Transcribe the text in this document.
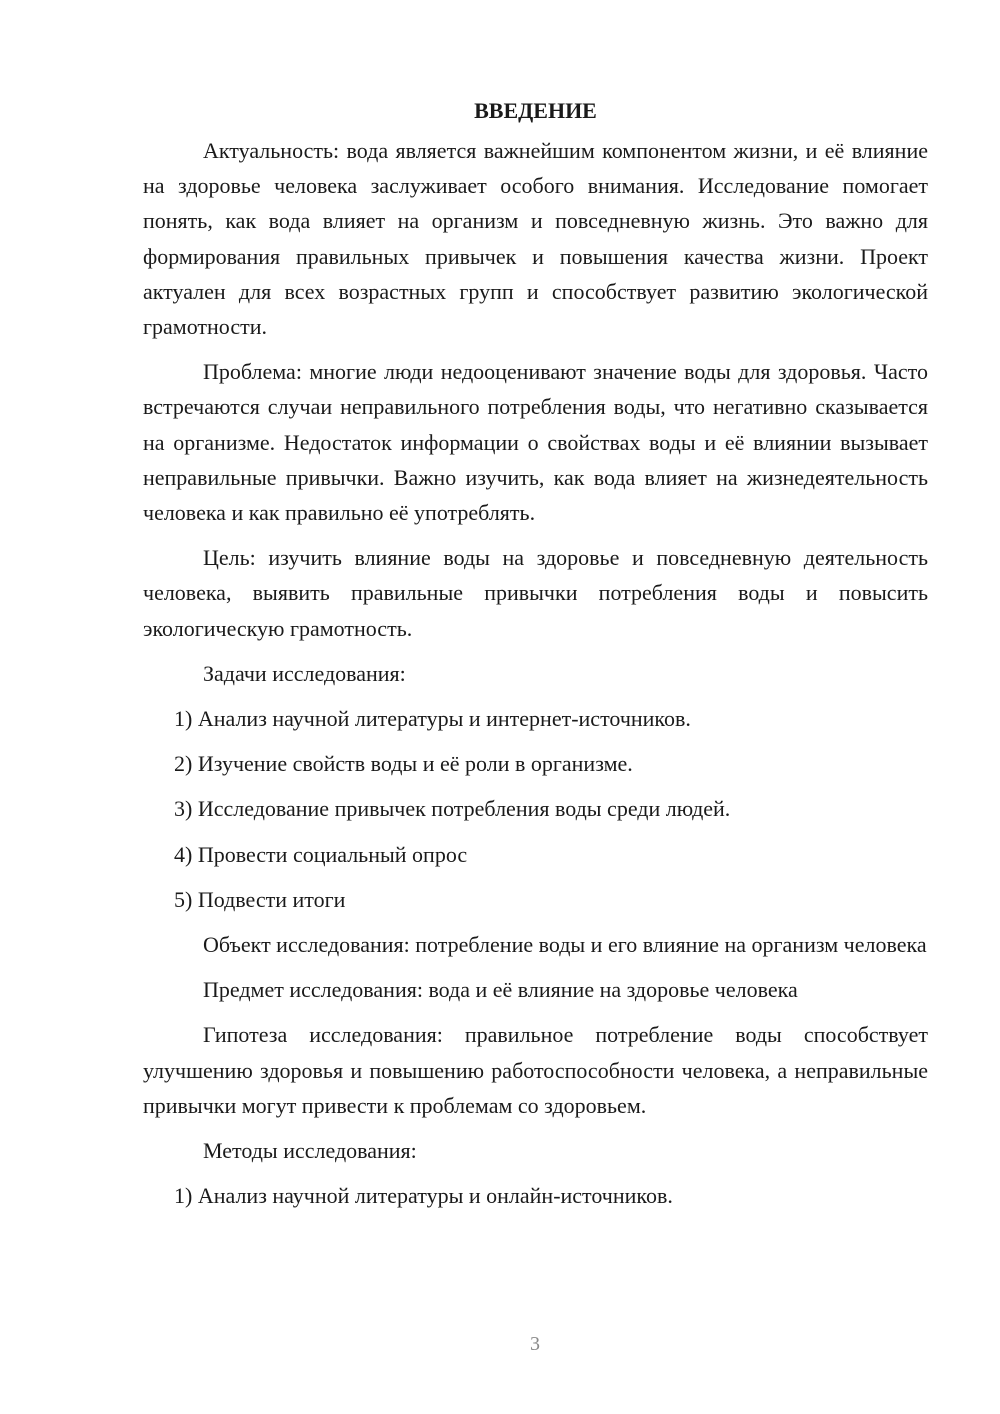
ВВЕДЕНИЕ

Актуальность: вода является важнейшим компонентом жизни, и её влияние на здоровье человека заслуживает особого внимания. Исследование помогает понять, как вода влияет на организм и повседневную жизнь. Это важно для формирования правильных привычек и повышения качества жизни. Проект актуален для всех возрастных групп и способствует развитию экологической грамотности.

Проблема: многие люди недооценивают значение воды для здоровья. Часто встречаются случаи неправильного потребления воды, что негативно сказывается на организме. Недостаток информации о свойствах воды и её влиянии вызывает неправильные привычки. Важно изучить, как вода влияет на жизнедеятельность человека и как правильно её употреблять.

Цель: изучить влияние воды на здоровье и повседневную деятельность человека, выявить правильные привычки потребления воды и повысить экологическую грамотность.

Задачи исследования:

1) Анализ научной литературы и интернет-источников.

2) Изучение свойств воды и её роли в организме.

3) Исследование привычек потребления воды среди людей.

4) Провести социальный опрос

5) Подвести итоги

Объект исследования: потребление воды и его влияние на организм человека

Предмет исследования: вода и её влияние на здоровье человека

Гипотеза исследования: правильное потребление воды способствует улучшению здоровья и повышению работоспособности человека, а неправильные привычки могут привести к проблемам со здоровьем.

Методы исследования:

1) Анализ научной литературы и онлайн-источников.

3
